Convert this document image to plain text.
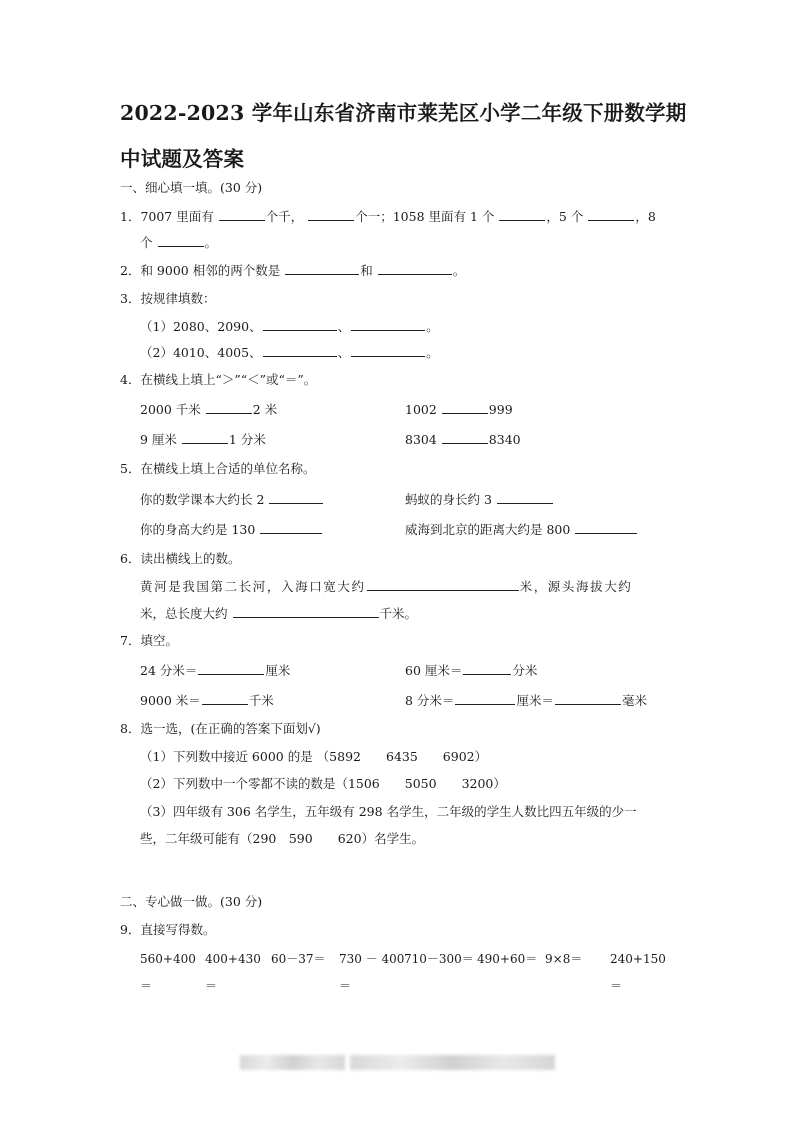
2022-2023 学年山东省济南市莱芜区小学二年级下册数学期
中试题及答案
一、细心填一填。(30 分)
1．7007 里面有	个千，	个一；1058 里面有 1 个	，5 个	，8
个	。
2．和 9000 相邻的两个数是	和	。
3．按规律填数：
（1）2080、2090、	、	。
（2）4010、4005、	、	。
4．在横线上填上“＞”“＜”或“＝”。
2000 千米	2 米	1002	999
9 厘米	1 分米	8304	8340
5．在横线上填上合适的单位名称。
你的数学课本大约长 2	蚂蚁的身长约 3
你的身高大约是 130	威海到北京的距离大约是 800
6．读出横线上的数。
黄河是我国第二长河，入海口宽大约	米，源头海拔大约
米，总长度大约	千米。
7．填空。
24 分米＝	厘米	60 厘米＝	分米
9000 米＝	千米	8 分米＝	厘米＝	毫米
8．选一选，(在正确的答案下面划√)
（1）下列数中接近 6000 的是 （5892　　6435　　6902）
（2）下列数中一个零都不读的数是（1506　　5050　　3200）
（3）四年级有 306 名学生，五年级有 298 名学生，二年级的学生人数比四五年级的少一
些，二年级可能有（290　590　　620）名学生。
二、专心做一做。(30 分)
9．直接写得数。
560+400 400+430 60－37＝ 730 － 400 710－300＝ 490+60＝ 9×8＝ 240+150
＝	＝	＝	＝
